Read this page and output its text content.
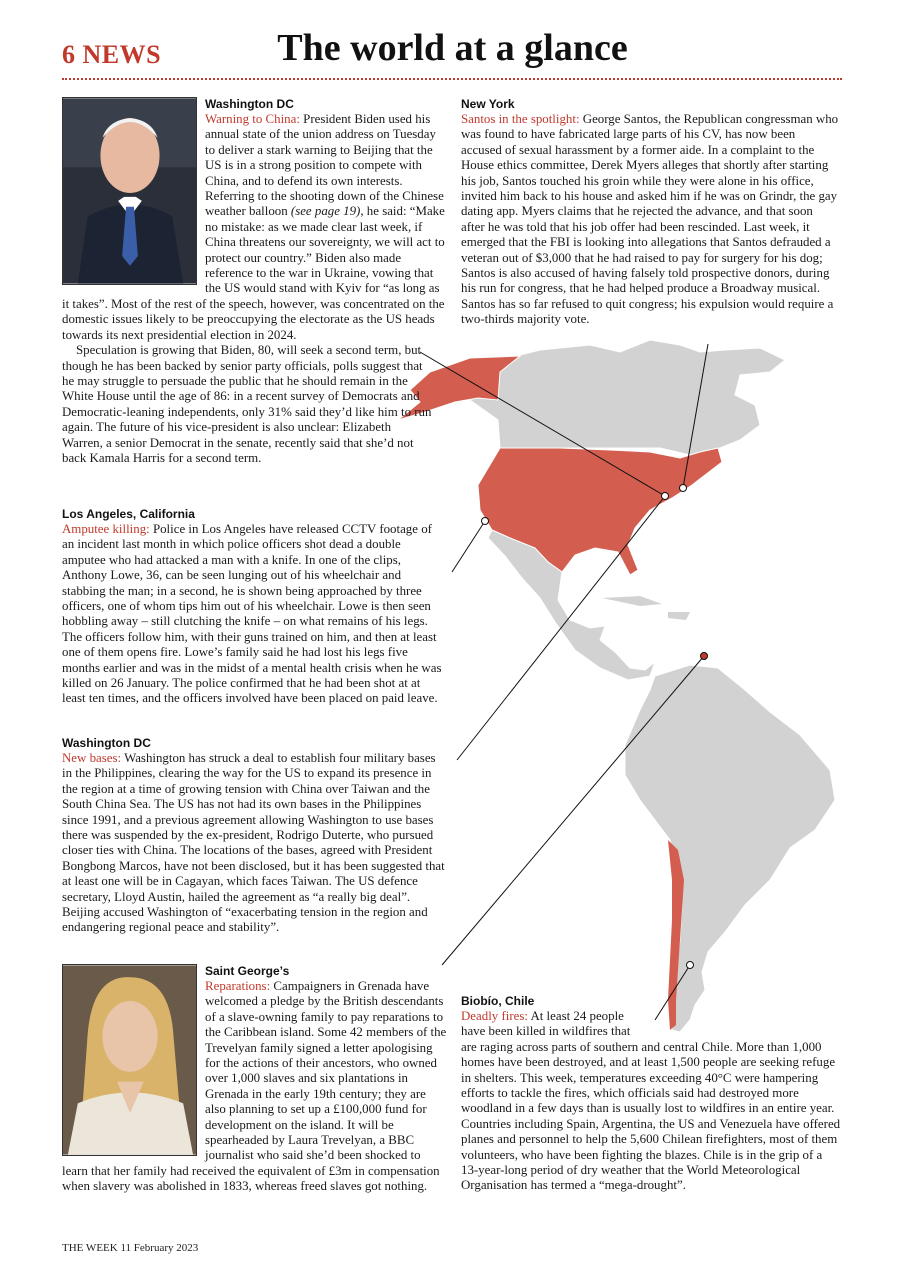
6 NEWS	The world at a glance
Washington DC

Warning to China: President Biden used his annual state of the union address on Tuesday to deliver a stark warning to Beijing that the US is in a strong position to compete with China, and to defend its own interests. Referring to the shooting down of the Chinese weather balloon (see page 19), he said: “Make no mistake: as we made clear last week, if China threatens our sovereignty, we will act to protect our country.” Biden also made reference to the war in Ukraine, vowing that the US would stand with Kyiv for “as long as it takes”. Most of the rest of the speech, however, was concentrated on the domestic issues likely to be preoccupying the electorate as the US heads towards its next presidential election in 2024.

Speculation is growing that Biden, 80, will seek a second term, but though he has been backed by senior party officials, polls suggest that he may struggle to persuade the public that he should remain in the White House until the age of 86: in a recent survey of Democrats and Democratic-leaning independents, only 31% said they’d like him to run again. The future of his vice-president is also unclear: Elizabeth Warren, a senior Democrat in the senate, recently said that she’d not back Kamala Harris for a second term.

New York

Santos in the spotlight: George Santos, the Republican congressman who was found to have fabricated large parts of his CV, has now been accused of sexual harassment by a former aide. In a complaint to the House ethics committee, Derek Myers alleges that shortly after starting his job, Santos touched his groin while they were alone in his office, invited him back to his house and asked him if he was on Grindr, the gay dating app. Myers claims that he rejected the advance, and that soon after he was told that his job offer had been rescinded. Last week, it emerged that the FBI is looking into allegations that Santos defrauded a veteran out of $3,000 that he had raised to pay for surgery for his dog; Santos is also accused of having falsely told prospective donors, during his run for congress, that he had helped produce a Broadway musical. Santos has so far refused to quit congress; his expulsion would require a two-thirds majority vote.

Los Angeles, California

Amputee killing: Police in Los Angeles have released CCTV footage of an incident last month in which police officers shot dead a double amputee who had attacked a man with a knife. In one of the clips, Anthony Lowe, 36, can be seen lunging out of his wheelchair and stabbing the man; in a second, he is shown being approached by three officers, one of whom tips him out of his wheelchair. Lowe is then seen hobbling away – still clutching the knife – on what remains of his legs. The officers follow him, with their guns trained on him, and then at least one of them opens fire. Lowe’s family said he had lost his legs five months earlier and was in the midst of a mental health crisis when he was killed on 26 January. The police confirmed that he had been shot at at least ten times, and the officers involved have been placed on paid leave.

Washington DC

New bases: Washington has struck a deal to establish four military bases in the Philippines, clearing the way for the US to expand its presence in the region at a time of growing tension with China over Taiwan and the South China Sea. The US has not had its own bases in the Philippines since 1991, and a previous agreement allowing Washington to use bases there was suspended by the ex-president, Rodrigo Duterte, who pursued closer ties with China. The locations of the bases, agreed with President Bongbong Marcos, have not been disclosed, but it has been suggested that at least one will be in Cagayan, which faces Taiwan. The US defence secretary, Lloyd Austin, hailed the agreement as “a really big deal”. Beijing accused Washington of “exacerbating tension in the region and endangering regional peace and stability”.

Saint George’s

Reparations: Campaigners in Grenada have welcomed a pledge by the British descendants of a slave-owning family to pay reparations to the Caribbean island. Some 42 members of the Trevelyan family signed a letter apologising for the actions of their ancestors, who owned over 1,000 slaves and six plantations in Grenada in the early 19th century; they are also planning to set up a £100,000 fund for development on the island. It will be spearheaded by Laura Trevelyan, a BBC journalist who said she’d been shocked to learn that her family had received the equivalent of £3m in compensation when slavery was abolished in 1833, whereas freed slaves got nothing.

Biobío, Chile

Deadly fires: At least 24 people have been killed in wildfires that are raging across parts of southern and central Chile. More than 1,000 homes have been destroyed, and at least 1,500 people are seeking refuge in shelters. This week, temperatures exceeding 40°C were hampering efforts to tackle the fires, which officials said had destroyed more woodland in a few days than is usually lost to wildfires in an entire year. Countries including Spain, Argentina, the US and Venezuela have offered planes and personnel to help the 5,600 Chilean firefighters, most of them volunteers, who have been fighting the blazes. Chile is in the grip of a 13-year-long period of dry weather that the World Meteorological Organisation has termed a “mega-drought”.

THE WEEK 11 February 2023
